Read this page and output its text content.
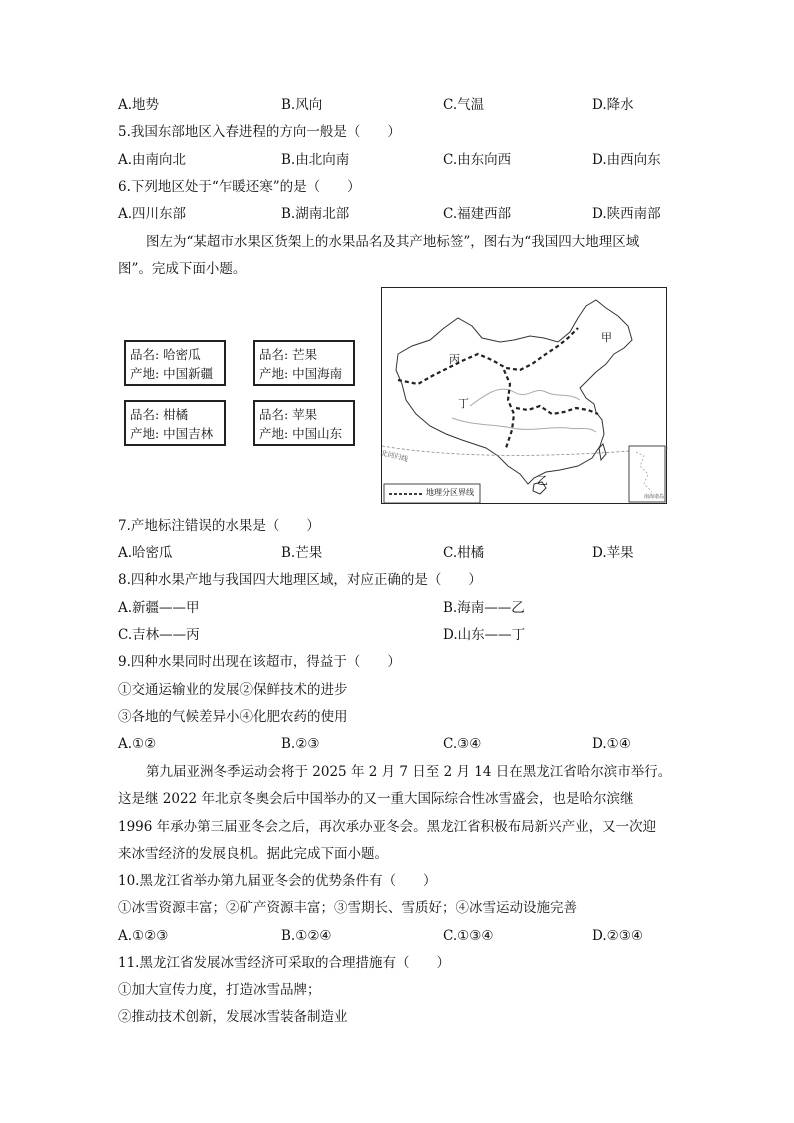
A.地势	B.风向	C.气温	D.降水
5.我国东部地区入春进程的方向一般是（　　）
A.由南向北	B.由北向南	C.由东向西	D.由西向东
6.下列地区处于“乍暖还寒”的是（　　）
A.四川东部	B.湖南北部	C.福建西部	D.陕西南部
图左为“某超市水果区货架上的水果品名及其产地标签”，图右为“我国四大地理区域
图”。完成下面小题。
品名: 哈密瓜
产地: 中国新疆
品名: 芒果
产地: 中国海南
品名: 柑橘
产地: 中国吉林
品名: 苹果
产地: 中国山东
甲
丙
丁
乙
北回归线
地理分区界线	南海诸岛
7.产地标注错误的水果是（　　）
A.哈密瓜	B.芒果	C.柑橘	D.苹果
8.四种水果产地与我国四大地理区域，对应正确的是（　　）
A.新疆——甲	B.海南——乙
C.吉林——丙	D.山东——丁
9.四种水果同时出现在该超市，得益于（　　）
①交通运输业的发展②保鲜技术的进步
③各地的气候差异小④化肥农药的使用
A.①②	B.②③	C.③④	D.①④
第九届亚洲冬季运动会将于 2025 年 2 月 7 日至 2 月 14 日在黑龙江省哈尔滨市举行。
这是继 2022 年北京冬奥会后中国举办的又一重大国际综合性冰雪盛会，也是哈尔滨继
1996 年承办第三届亚冬会之后，再次承办亚冬会。黑龙江省积极布局新兴产业，又一次迎
来冰雪经济的发展良机。据此完成下面小题。
10.黑龙江省举办第九届亚冬会的优势条件有（　　）
①冰雪资源丰富；②矿产资源丰富；③雪期长、雪质好；④冰雪运动设施完善
A.①②③	B.①②④	C.①③④	D.②③④
11.黑龙江省发展冰雪经济可采取的合理措施有（　　）
①加大宣传力度，打造冰雪品牌；
②推动技术创新，发展冰雪装备制造业
